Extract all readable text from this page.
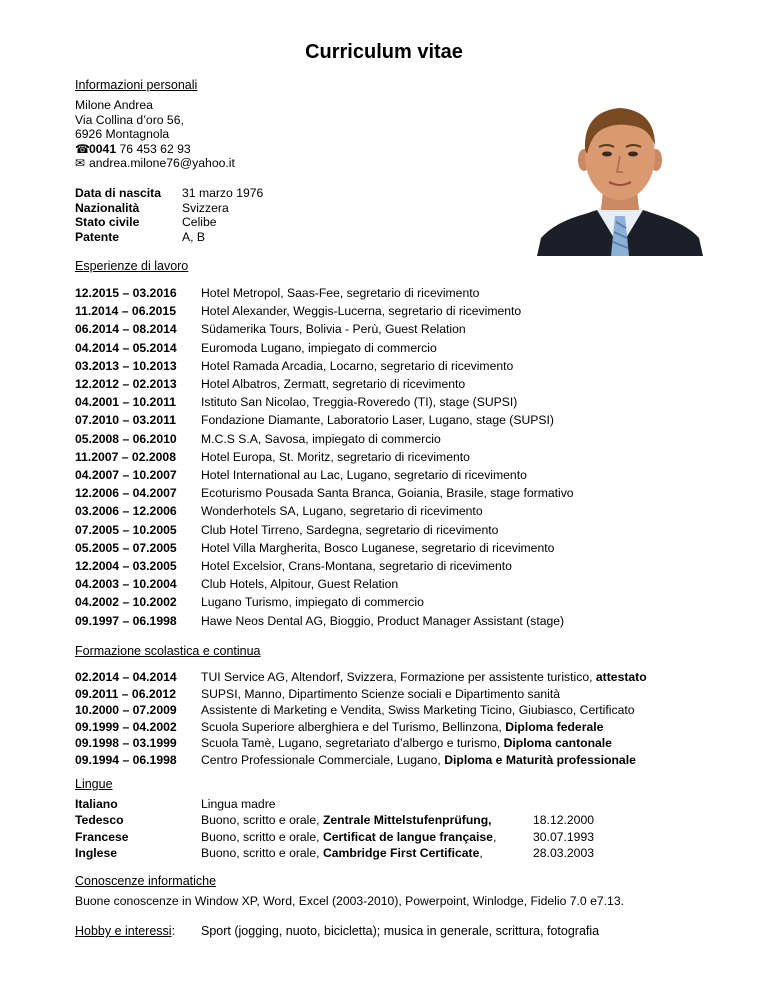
Curriculum vitae
Informazioni personali
Milone Andrea
Via Collina d’oro 56,
6926 Montagnola
☎0041 76 453 62 93
✉ andrea.milone76@yahoo.it
Data di nascita	31 marzo 1976
Nazionalità	Svizzera
Stato civile	Celibe
Patente	A, B
Esperienze di lavoro
12.2015 – 03.2016	Hotel Metropol, Saas-Fee, segretario di ricevimento
11.2014 – 06.2015	Hotel Alexander, Weggis-Lucerna, segretario di ricevimento
06.2014 – 08.2014	Südamerika Tours, Bolivia - Perù, Guest Relation
04.2014 – 05.2014	Euromoda Lugano, impiegato di commercio
03.2013 – 10.2013	Hotel Ramada Arcadia, Locarno, segretario di ricevimento
12.2012 – 02.2013	Hotel Albatros, Zermatt, segretario di ricevimento
04.2001 – 10.2011	Istituto San Nicolao, Treggia-Roveredo (TI), stage (SUPSI)
07.2010 – 03.2011	Fondazione Diamante, Laboratorio Laser, Lugano, stage (SUPSI)
05.2008 – 06.2010	M.C.S S.A, Savosa, impiegato di commercio
11.2007 – 02.2008	Hotel Europa, St. Moritz, segretario di ricevimento
04.2007 – 10.2007	Hotel International au Lac, Lugano, segretario di ricevimento
12.2006 – 04.2007	Ecoturismo Pousada Santa Branca, Goiania, Brasile, stage formativo
03.2006 – 12.2006	Wonderhotels SA, Lugano, segretario di ricevimento
07.2005 – 10.2005	Club Hotel Tirreno, Sardegna, segretario di ricevimento
05.2005 – 07.2005	Hotel Villa Margherita, Bosco Luganese, segretario di ricevimento
12.2004 – 03.2005	Hotel Excelsior, Crans-Montana, segretario di ricevimento
04.2003 – 10.2004	Club Hotels, Alpitour, Guest Relation
04.2002 – 10.2002	Lugano Turismo, impiegato di commercio
09.1997 – 06.1998	Hawe Neos Dental AG, Bioggio, Product Manager Assistant (stage)
Formazione scolastica e continua
02.2014 – 04.2014	TUI Service AG, Altendorf, Svizzera, Formazione per assistente turistico, attestato
09.2011 – 06.2012	SUPSI, Manno, Dipartimento Scienze sociali e Dipartimento sanità
10.2000 – 07.2009	Assistente di Marketing e Vendita, Swiss Marketing Ticino, Giubiasco, Certificato
09.1999 – 04.2002	Scuola Superiore alberghiera e del Turismo, Bellinzona, Diploma federale
09.1998 – 03.1999	Scuola Tamè, Lugano, segretariato d’albergo e turismo, Diploma cantonale
09.1994 – 06.1998	Centro Professionale Commerciale, Lugano, Diploma e Maturità professionale
Lingue
Italiano	Lingua madre	
Tedesco	Buono, scritto e orale, Zentrale Mittelstufenprüfung,	18.12.2000
Francese	Buono, scritto e orale, Certificat de langue française,	30.07.1993
Inglese	Buono, scritto e orale, Cambridge First Certificate,	28.03.2003
Conoscenze informatiche
Buone conoscenze in Window XP, Word, Excel (2003-2010), Powerpoint, Winlodge, Fidelio 7.0 e7.13.
Hobby e interessi: Sport (jogging, nuoto, bicicletta); musica in generale, scrittura, fotografia
